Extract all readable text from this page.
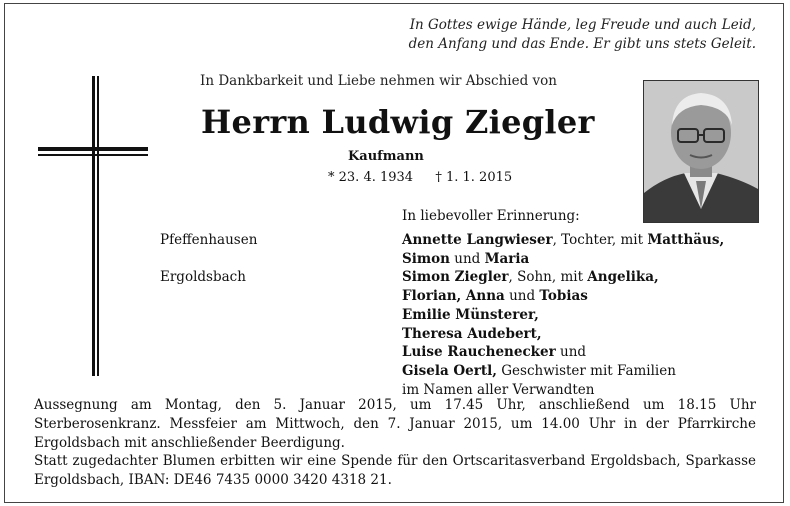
In Gottes ewige Hände, leg Freude und auch Leid,
den Anfang und das Ende. Er gibt uns stets Geleit.
In Dankbarkeit und Liebe nehmen wir Abschied von
Herrn Ludwig Ziegler
Kaufmann
* 23. 4. 1934 † 1. 1. 2015
In liebevoller Erinnerung:
Pfeffenhausen
Ergoldsbach
Annette Langwieser, Tochter, mit Matthäus,
Simon und Maria
Simon Ziegler, Sohn, mit Angelika,
Florian, Anna und Tobias
Emilie Münsterer,
Theresa Audebert,
Luise Rauchenecker und
Gisela Oertl, Geschwister mit Familien
im Namen aller Verwandten

Aussegnung am Montag, den 5. Januar 2015, um 17.45 Uhr, anschließend um 18.15 Uhr Sterberosenkranz. Messfeier am Mittwoch, den 7. Januar 2015, um 14.00 Uhr in der Pfarrkirche Ergoldsbach mit anschließender Beerdigung.

Statt zugedachter Blumen erbitten wir eine Spende für den Ortscaritasverband Ergoldsbach, Sparkasse Ergoldsbach, IBAN: DE46 7435 0000 3420 4318 21.
